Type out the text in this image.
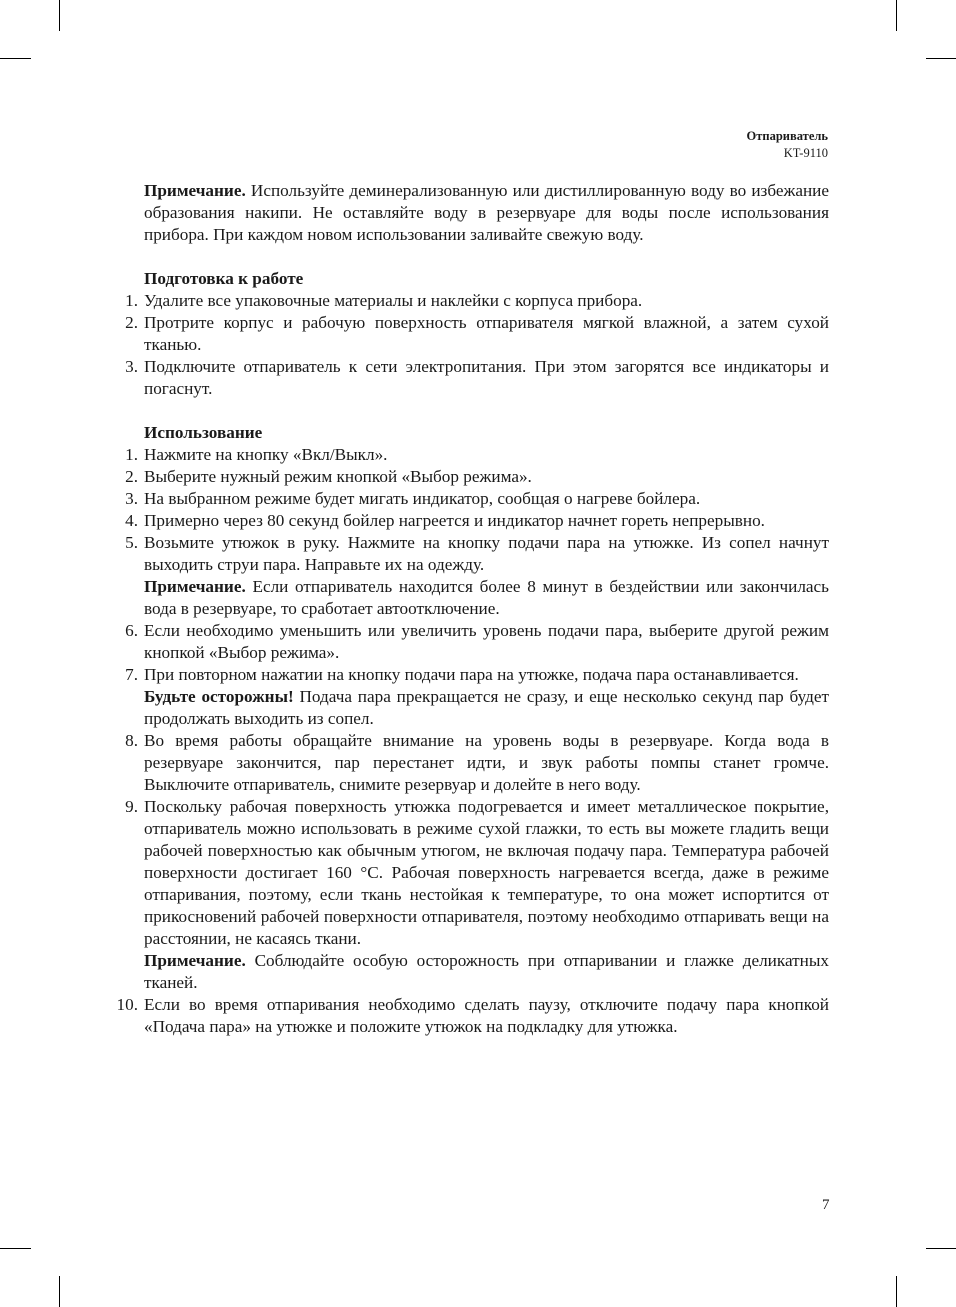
Отпариватель
KT-9110

Примечание. Используйте деминерализованную или дистиллированную воду во избежание образования накипи. Не оставляйте воду в резервуаре для воды после использования прибора. При каждом новом использовании заливайте свежую воду.

Подготовка к работе

1. Удалите все упаковочные материалы и наклейки с корпуса прибора.
2. Протрите корпус и рабочую поверхность отпаривателя мягкой влажной, а затем сухой тканью.
3. Подключите отпариватель к сети электропитания. При этом загорятся все индикаторы и погаснут.

Использование

1. Нажмите на кнопку «Вкл/Выкл».
2. Выберите нужный режим кнопкой «Выбор режима».
3. На выбранном режиме будет мигать индикатор, сообщая о нагреве бойлера.
4. Примерно через 80 секунд бойлер нагреется и индикатор начнет гореть непрерывно.
5. Возьмите утюжок в руку. Нажмите на кнопку подачи пара на утюжке. Из сопел начнут выходить струи пара. Направьте их на одежду.
Примечание. Если отпариватель находится более 8 минут в бездействии или закончилась вода в резервуаре, то сработает автоотключение.
6. Если необходимо уменьшить или увеличить уровень подачи пара, выберите другой режим кнопкой «Выбор режима».
7. При повторном нажатии на кнопку подачи пара на утюжке, подача пара останавливается.
Будьте осторожны! Подача пара прекращается не сразу, и еще несколько секунд пар будет продолжать выходить из сопел.
8. Во время работы обращайте внимание на уровень воды в резервуаре. Когда вода в резервуаре закончится, пар перестанет идти, и звук работы помпы станет громче. Выключите отпариватель, снимите резервуар и долейте в него воду.
9. Поскольку рабочая поверхность утюжка подогревается и имеет металлическое покрытие, отпариватель можно использовать в режиме сухой глажки, то есть вы можете гладить вещи рабочей поверхностью как обычным утюгом, не включая подачу пара. Температура рабочей поверхности достигает 160 °С. Рабочая поверхность нагревается всегда, даже в режиме отпаривания, поэтому, если ткань нестойкая к температуре, то она может испортится от прикосновений рабочей поверхности отпаривателя, поэтому необходимо отпаривать вещи на расстоянии, не касаясь ткани.
Примечание. Соблюдайте особую осторожность при отпаривании и глажке деликатных тканей.
10. Если во время отпаривания необходимо сделать паузу, отключите подачу пара кнопкой «Подача пара» на утюжке и положите утюжок на подкладку для утюжка.
7
